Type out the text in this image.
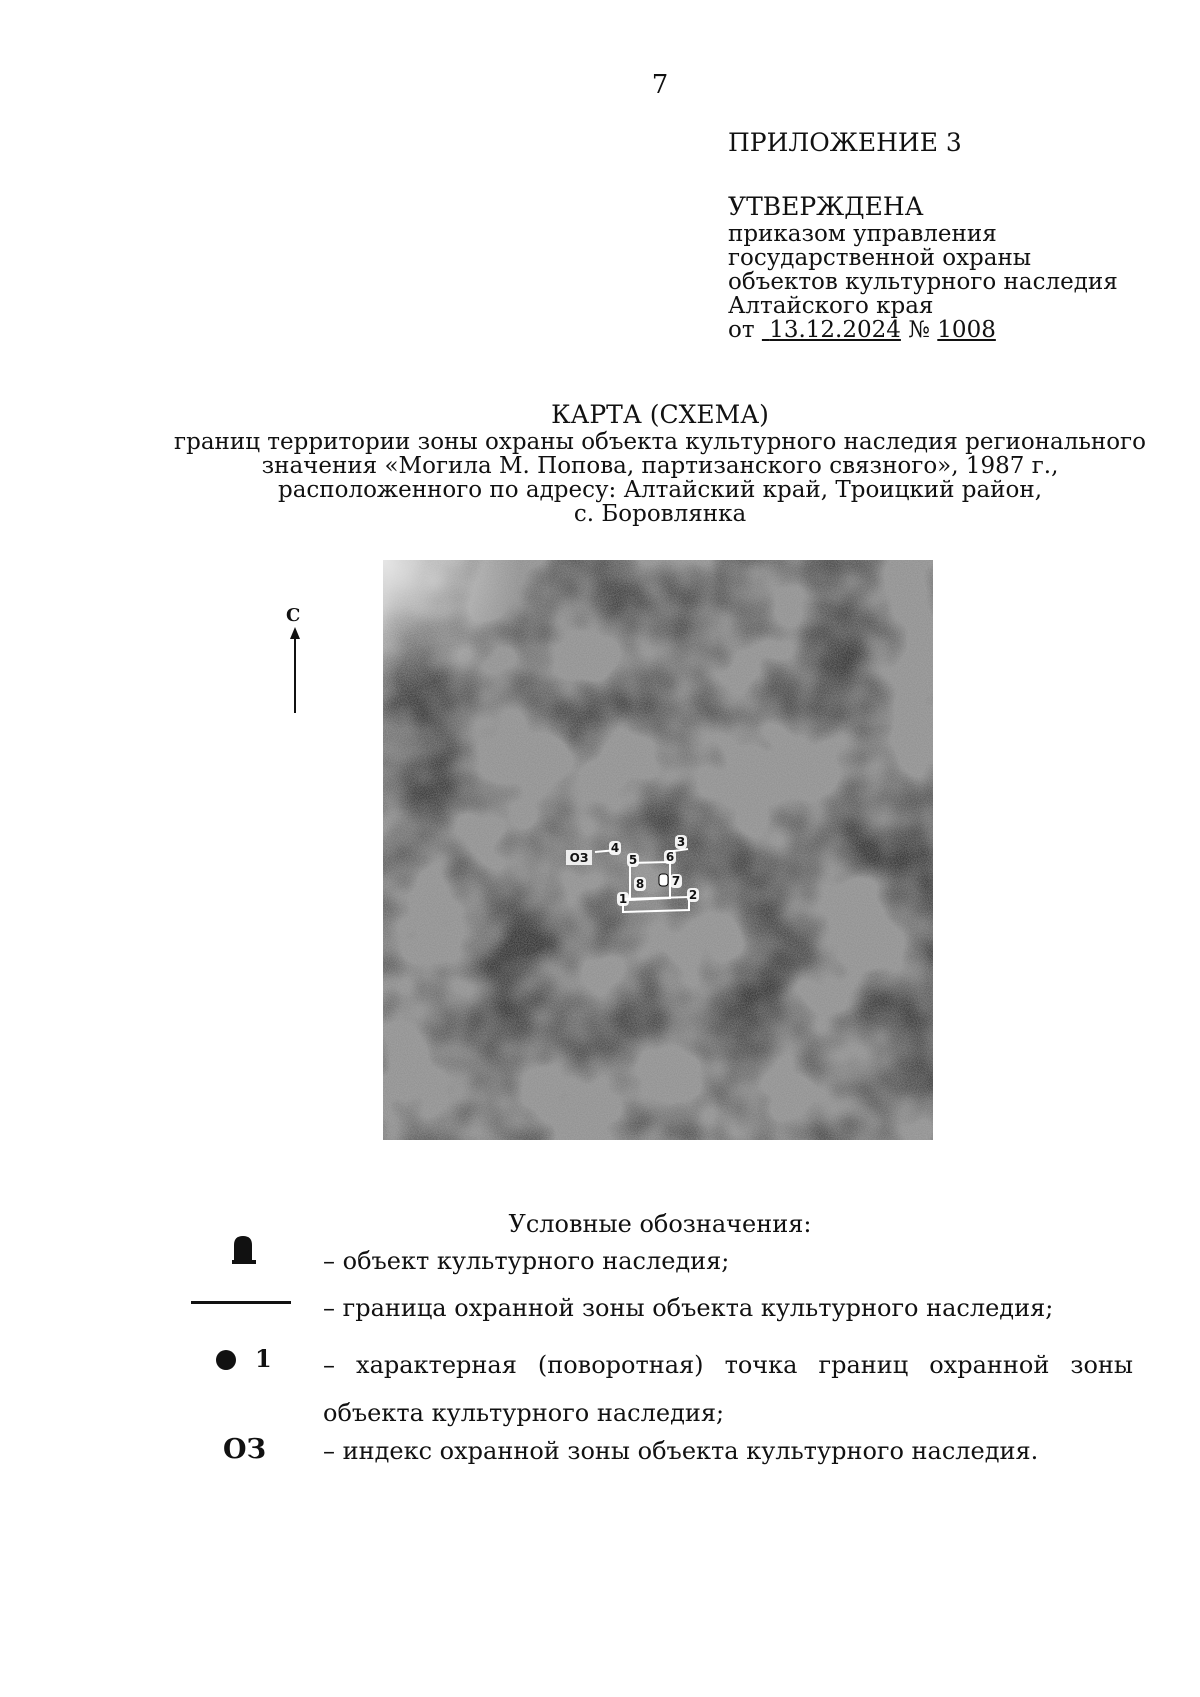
7
ПРИЛОЖЕНИЕ 3
УТВЕРЖДЕНА
приказом управления
государственной охраны
объектов культурного наследия
Алтайского края
от 13.12.2024 № 1008
КАРТА (СХЕМА)
границ территории зоны охраны объекта культурного наследия регионального
значения «Могила М. Попова, партизанского связного», 1987 г.,
расположенного по адресу: Алтайский край, Троицкий район,
с. Боровлянка
С
ОЗ
1	2
3
4
5 6
7
8
Условные обозначения:
– объект культурного наследия;
– граница охранной зоны объекта культурного наследия;
1 – характерная (поворотная) точка границ охранной зоны объекта культурного наследия;
ОЗ – индекс охранной зоны объекта культурного наследия.
